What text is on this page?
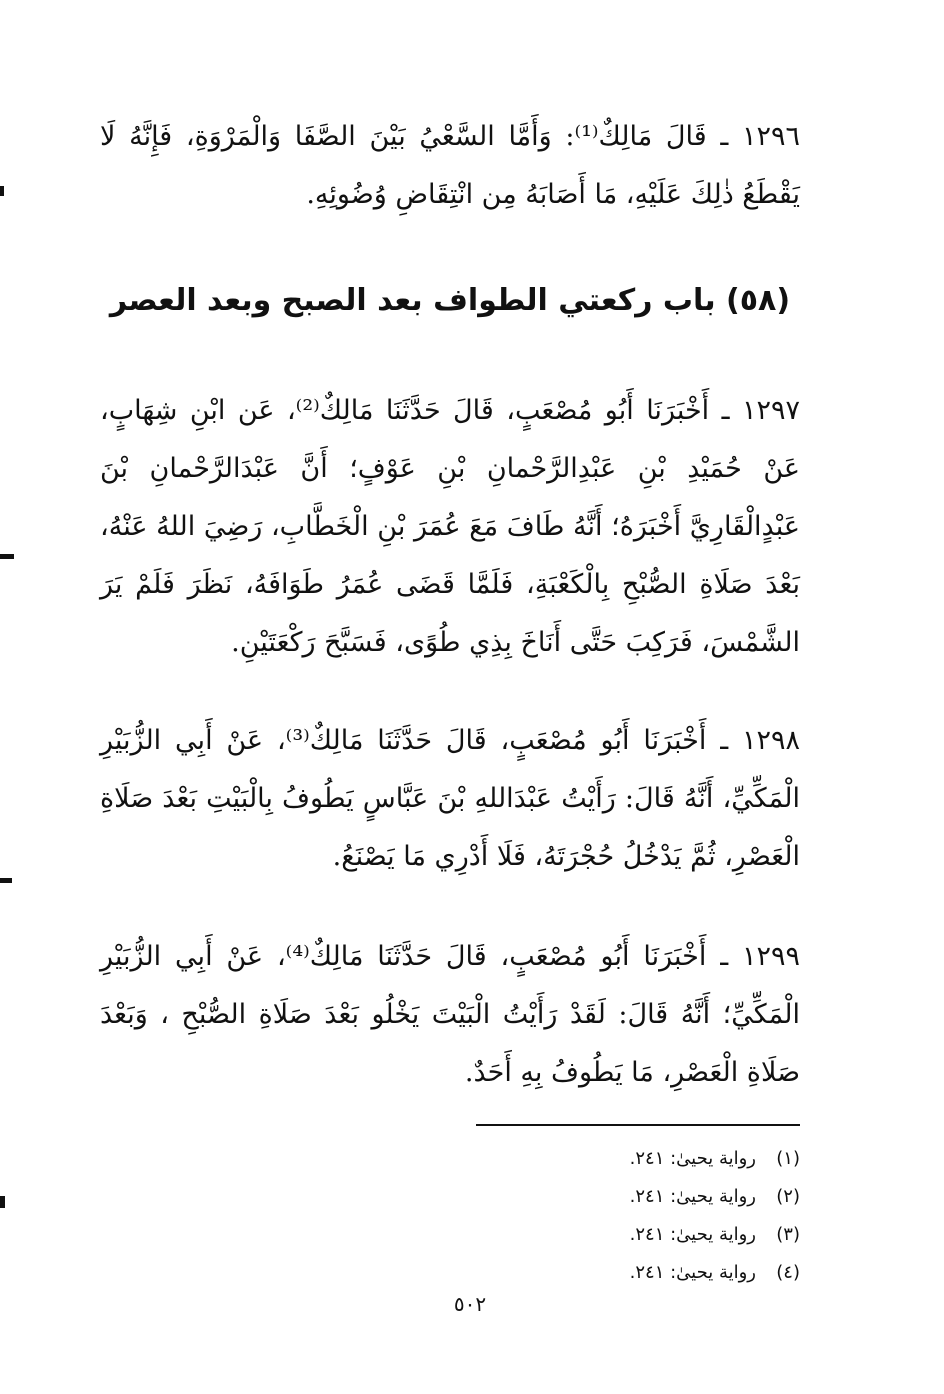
١٢٩٦ ـ قَالَ مَالِكٌ⁽¹⁾: وَأَمَّا السَّعْيُ بَيْنَ الصَّفَا وَالْمَرْوَةِ، فَإِنَّهُ لَا يَقْطَعُ ذٰلِكَ عَلَيْهِ، مَا أَصَابَهُ مِن انْتِقَاضِ وُضُوئِهِ.

(٥٨) باب ركعتي الطواف بعد الصبح وبعد العصر

١٢٩٧ ـ أَخْبَرَنَا أَبُو مُصْعَبٍ، قَالَ حَدَّثَنَا مَالِكٌ⁽²⁾، عَن ابْنِ شِهَابٍ، عَنْ حُمَيْدِ بْنِ عَبْدِالرَّحْمانِ بْنِ عَوْفٍ؛ أَنَّ عَبْدَالرَّحْمانِ بْنَ عَبْدٍالْقَارِيَّ أَخْبَرَهُ؛ أَنَّهُ طَافَ مَعَ عُمَرَ بْنِ الْخَطَّابِ، رَضِيَ اللهُ عَنْهُ، بَعْدَ صَلَاةِ الصُّبْحِ بِالْكَعْبَةِ، فَلَمَّا قَضَى عُمَرُ طَوَافَهُ، نَظَرَ فَلَمْ يَرَ الشَّمْسَ، فَرَكِبَ حَتَّى أَنَاخَ بِذِي طُوًى، فَسَبَّحَ رَكْعَتَيْنِ.

١٢٩٨ ـ أَخْبَرَنَا أَبُو مُصْعَبٍ، قَالَ حَدَّثَنَا مَالِكٌ⁽³⁾، عَنْ أَبِي الزُّبَيْرِ الْمَكِّيِّ، أَنَّهُ قَالَ: رَأَيْتُ عَبْدَاللهِ بْنَ عَبَّاسٍ يَطُوفُ بِالْبَيْتِ بَعْدَ صَلَاةِ الْعَصْرِ، ثُمَّ يَدْخُلُ حُجْرَتَهُ، فَلَا أَدْرِي مَا يَصْنَعُ.

١٢٩٩ ـ أَخْبَرَنَا أَبُو مُصْعَبٍ، قَالَ حَدَّثَنَا مَالِكٌ⁽⁴⁾، عَنْ أَبِي الزُّبَيْرِ الْمَكِّيِّ؛ أَنَّهُ قَالَ: لَقَدْ رَأَيْتُ الْبَيْتَ يَخْلُو بَعْدَ صَلَاةِ الصُّبْحِ ، وَبَعْدَ صَلَاةِ الْعَصْرِ، مَا يَطُوفُ بِهِ أَحَدٌ.

(١)
رواية يحيىٰ: ٢٤١.
(٢)
رواية يحيىٰ: ٢٤١.
(٣)
رواية يحيىٰ: ٢٤١.
(٤)
رواية يحيىٰ: ٢٤١.
٥٠٢
